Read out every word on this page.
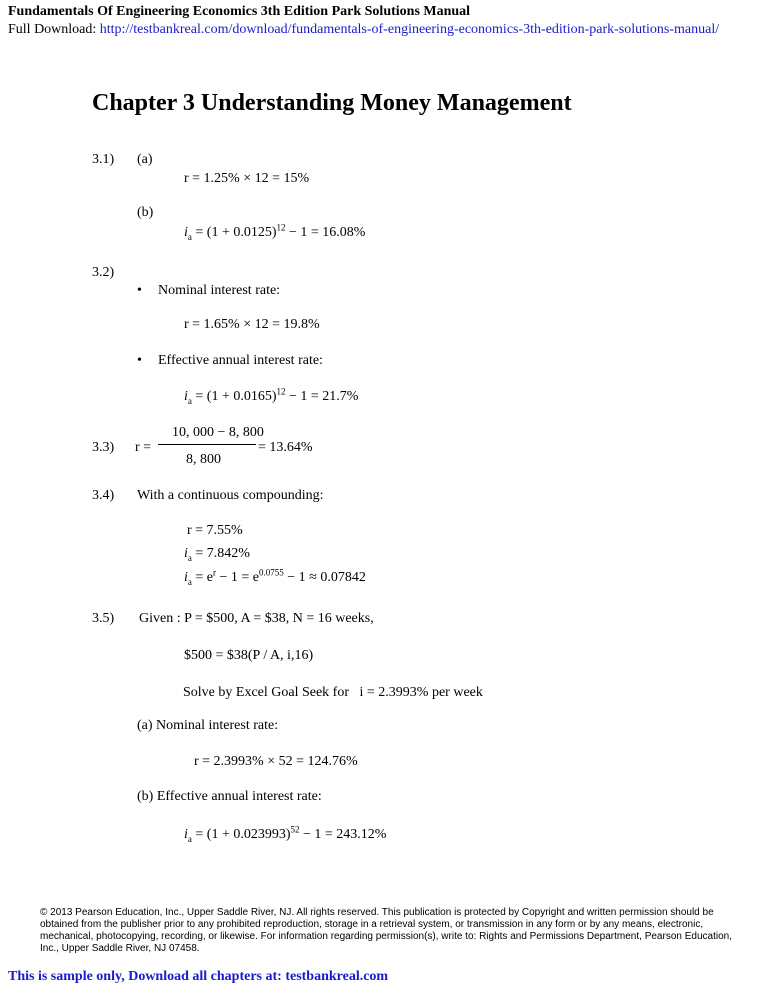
Fundamentals Of Engineering Economics 3th Edition Park Solutions Manual
Full Download: http://testbankreal.com/download/fundamentals-of-engineering-economics-3th-edition-park-solutions-manual/
Chapter 3 Understanding Money Management
3.1) (a)
r = 1.25% × 12 = 15%
(b)
$i_a = (1 + 0.0125)^{12} - 1 = 16.08\%$
3.2)
• Nominal interest rate:
r = 1.65% × 12 = 19.8%
• Effective annual interest rate:
$i_a = (1 + 0.0165)^{12} - 1 = 21.7\%$
3.3) r =
10, 000 − 8, 800
8, 800
= 13.64%
3.4) With a continuous compounding:
r = 7.55%
$i_a = 7.842\%$
$i_a = e^r - 1 = e^{0.0755} - 1 \approx 0.07842$
3.5) Given : P = $500, A = $38, N = 16 weeks,
$500 = $38(P / A, i,16)
Solve by Excel Goal Seek for i = 2.3993% per week
(a) Nominal interest rate:
r = 2.3993% × 52 = 124.76%
(b) Effective annual interest rate:
$i_a = (1 + 0.023993)^{52} - 1 = 243.12\%$
© 2013 Pearson Education, Inc., Upper Saddle River, NJ. All rights reserved. This publication is protected by Copyright and written permission should be obtained from the publisher prior to any prohibited reproduction, storage in a retrieval system, or transmission in any form or by any means, electronic, mechanical, photocopying, recording, or likewise. For information regarding permission(s), write to: Rights and Permissions Department, Pearson Education, Inc., Upper Saddle River, NJ 07458.
This is sample only, Download all chapters at: testbankreal.com
